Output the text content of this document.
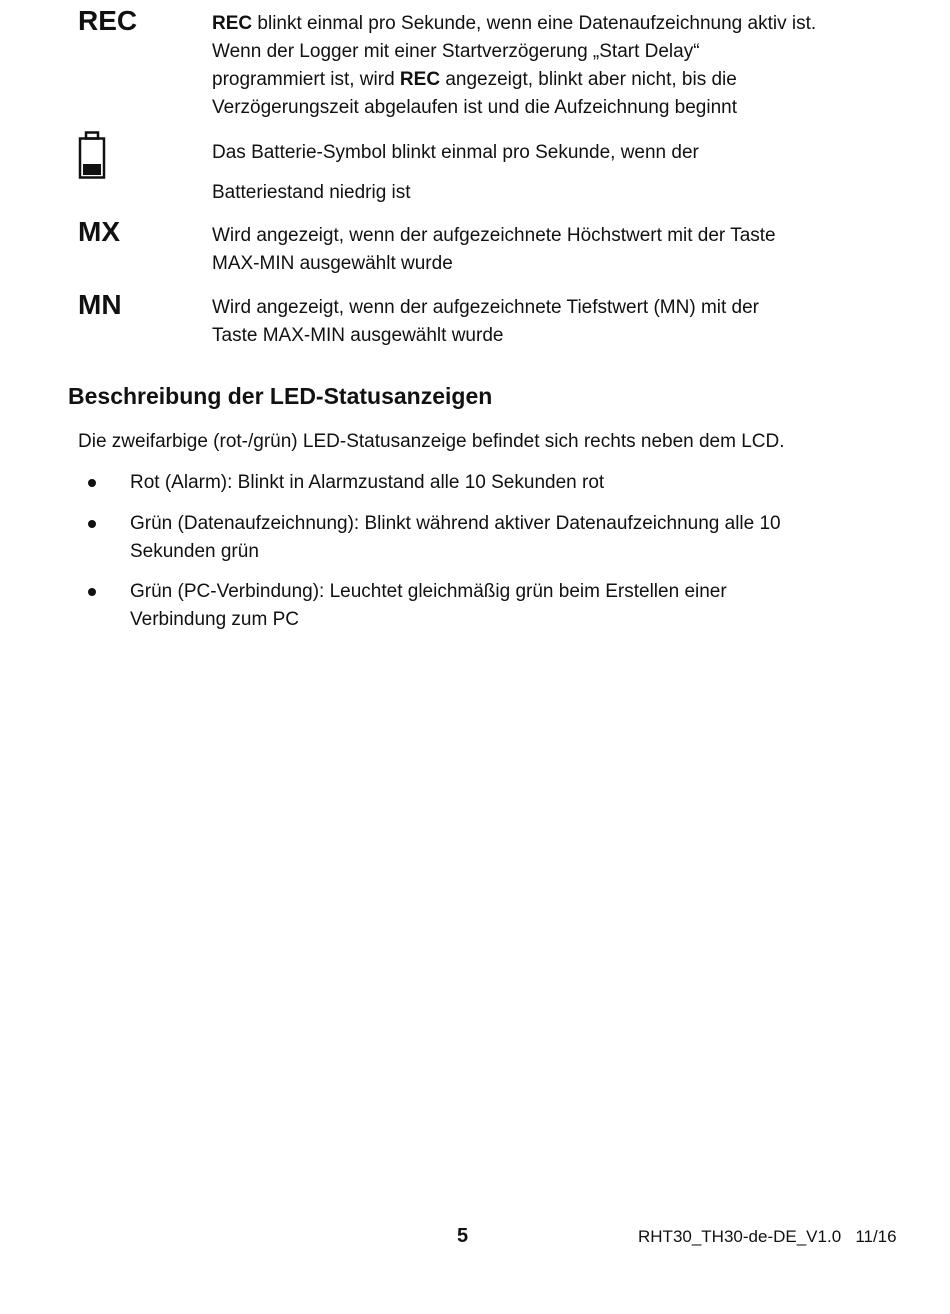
REC	REC blinkt einmal pro Sekunde, wenn eine Datenaufzeichnung aktiv ist.
Wenn der Logger mit einer Startverzögerung „Start Delay“
programmiert ist, wird REC angezeigt, blinkt aber nicht, bis die
Verzögerungszeit abgelaufen ist und die Aufzeichnung beginnt
Das Batterie-Symbol blinkt einmal pro Sekunde, wenn der
Batteriestand niedrig ist
MX	Wird angezeigt, wenn der aufgezeichnete Höchstwert mit der Taste
MAX-MIN ausgewählt wurde
MN	Wird angezeigt, wenn der aufgezeichnete Tiefstwert (MN) mit der
Taste MAX-MIN ausgewählt wurde
Beschreibung der LED-Statusanzeigen
Die zweifarbige (rot-/grün) LED-Statusanzeige befindet sich rechts neben dem LCD.
Rot (Alarm): Blinkt in Alarmzustand alle 10 Sekunden rot
Grün (Datenaufzeichnung): Blinkt während aktiver Datenaufzeichnung alle 10
Sekunden grün
Grün (PC-Verbindung): Leuchtet gleichmäßig grün beim Erstellen einer
Verbindung zum PC
5	RHT30_TH30-de-DE_V1.0   11/16
